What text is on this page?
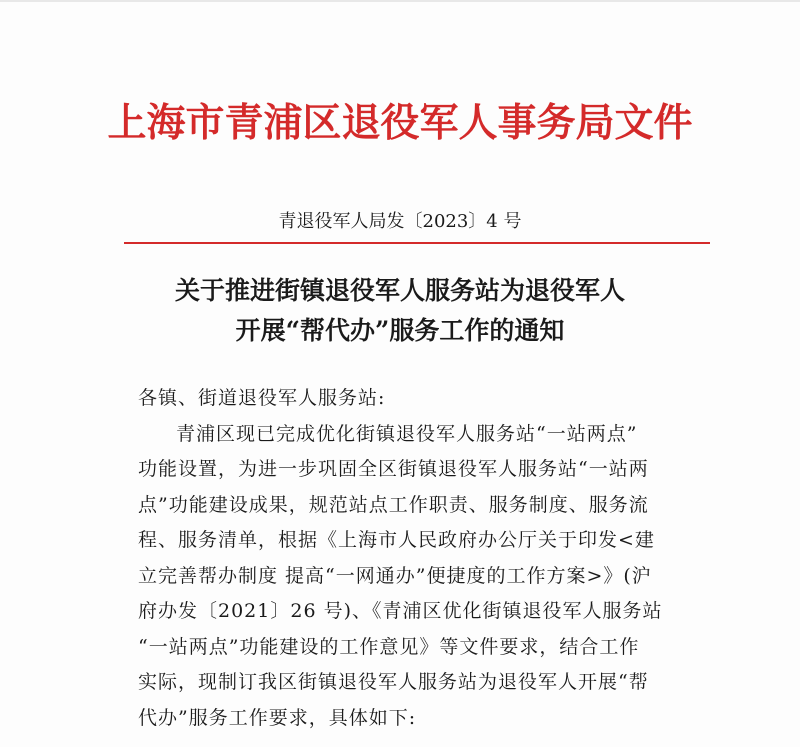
上海市青浦区退役军人事务局文件
青退役军人局发〔2023〕4 号
关于推进街镇退役军人服务站为退役军人
开展“帮代办”服务工作的通知
各镇、街道退役军人服务站:
青浦区现已完成优化街镇退役军人服务站“一站两点”
功能设置，为进一步巩固全区街镇退役军人服务站“一站两
点”功能建设成果，规范站点工作职责、服务制度、服务流
程、服务清单，根据《上海市人民政府办公厅关于印发<建
立完善帮办制度 提高“一网通办”便捷度的工作方案>》(沪
府办发〔2021〕26 号)、《青浦区优化街镇退役军人服务站
“一站两点”功能建设的工作意见》等文件要求，结合工作
实际，现制订我区街镇退役军人服务站为退役军人开展“帮
代办”服务工作要求，具体如下:
